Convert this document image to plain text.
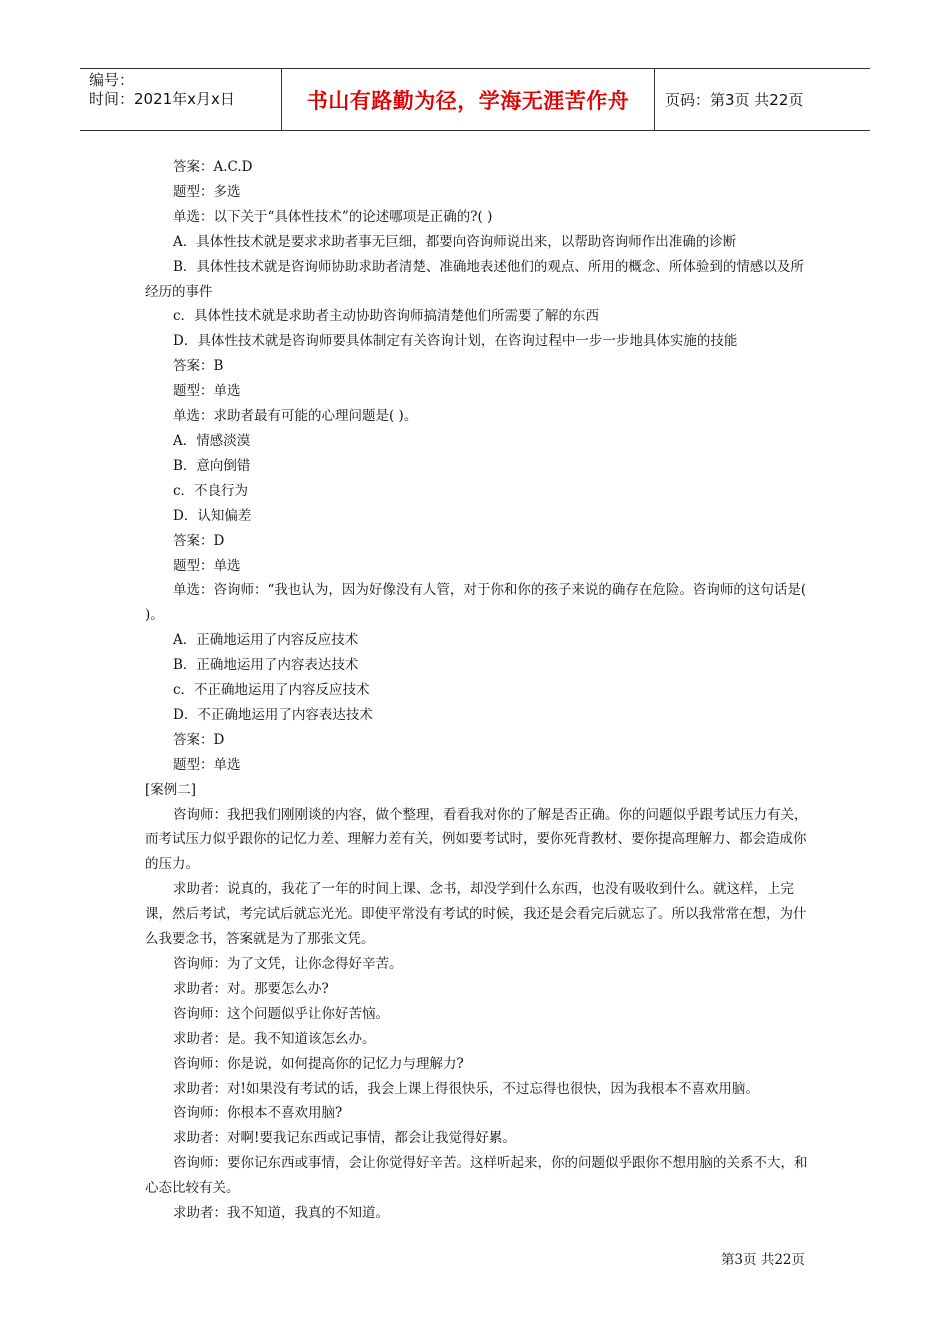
编号：
时间：2021年x月x日	书山有路勤为径，学海无涯苦作舟	页码：第3页 共22页

答案：A.C.D

题型：多选

单选：以下关于“具体性技术”的论述哪项是正确的?( )

A．具体性技术就是要求求助者事无巨细，都要向咨询师说出来，以帮助咨询师作出准确的诊断

B．具体性技术就是咨询师协助求助者清楚、准确地表述他们的观点、所用的概念、所体验到的情感以及所经历的事件

c．具体性技术就是求助者主动协助咨询师搞清楚他们所需要了解的东西

D．具体性技术就是咨询师要具体制定有关咨询计划，在咨询过程中一步一步地具体实施的技能

答案：B

题型：单选

单选：求助者最有可能的心理问题是( )。

A．情感淡漠

B．意向倒错

c．不良行为

D．认知偏差

答案：D

题型：单选

单选：咨询师：“我也认为，因为好像没有人管，对于你和你的孩子来说的确存在危险。咨询师的这句话是( )。

A．正确地运用了内容反应技术

B．正确地运用了内容表达技术

c．不正确地运用了内容反应技术

D．不正确地运用了内容表达技术

答案：D

题型：单选

[案例二]

咨询师：我把我们刚刚谈的内容，做个整理，看看我对你的了解是否正确。你的问题似乎跟考试压力有关，而考试压力似乎跟你的记忆力差、理解力差有关，例如要考试时，要你死背教材、要你提高理解力、都会造成你的压力。

求助者：说真的，我花了一年的时间上课、念书，却没学到什么东西，也没有吸收到什么。就这样，上完课，然后考试，考完试后就忘光光。即使平常没有考试的时候，我还是会看完后就忘了。所以我常常在想，为什么我要念书，答案就是为了那张文凭。

咨询师：为了文凭，让你念得好辛苦。

求助者：对。那要怎么办?

咨询师：这个问题似乎让你好苦恼。

求助者：是。我不知道该怎幺办。

咨询师：你是说，如何提高你的记忆力与理解力?

求助者：对!如果没有考试的话，我会上课上得很快乐，不过忘得也很快，因为我根本不喜欢用脑。

咨询师：你根本不喜欢用脑?

求助者：对啊!要我记东西或记事情，都会让我觉得好累。

咨询师：要你记东西或事情，会让你觉得好辛苦。这样听起来，你的问题似乎跟你不想用脑的关系不大，和心态比较有关。

求助者：我不知道，我真的不知道。

第3页 共22页
